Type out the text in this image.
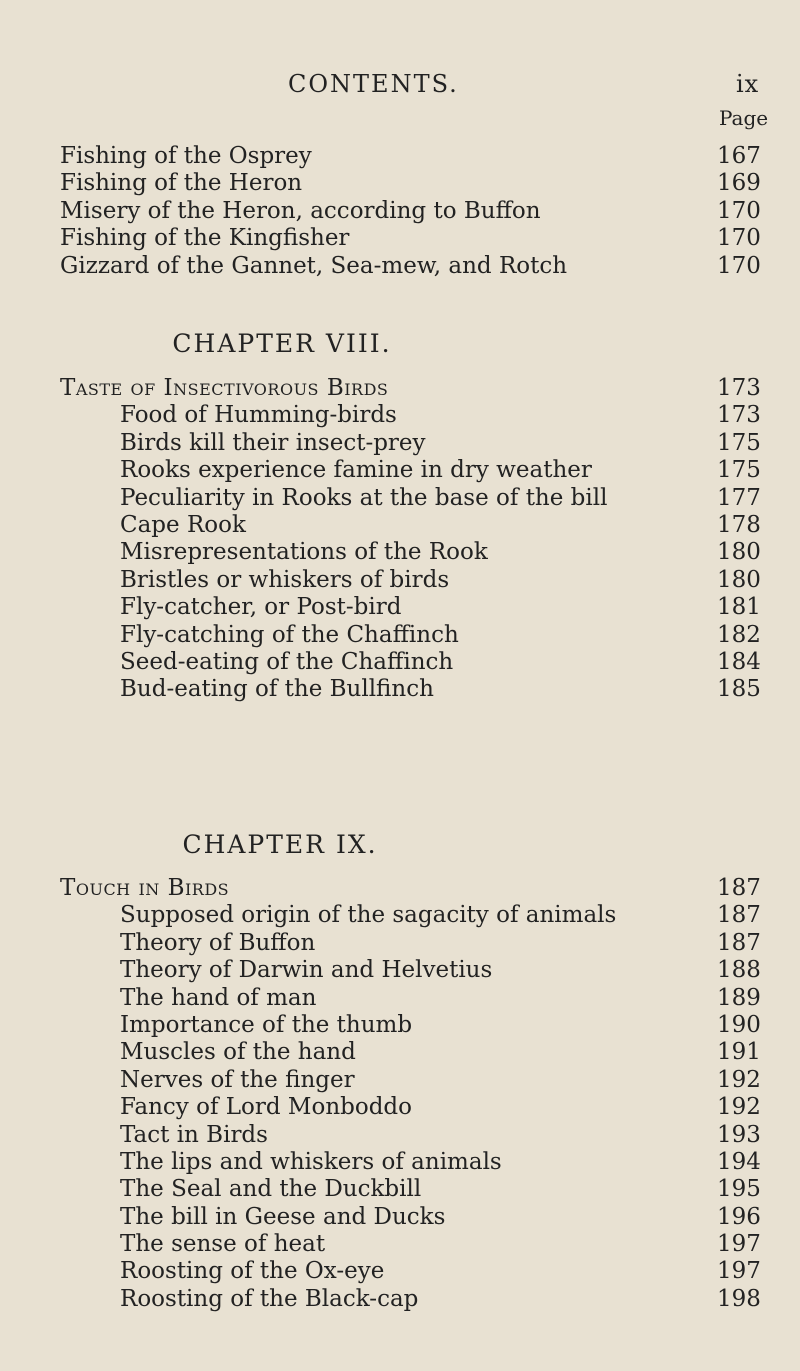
CONTENTS.	ix
Page
Fishing of the Osprey	167
Fishing of the Heron	169
Misery of the Heron, according to Buffon	170
Fishing of the Kingfisher	170
Gizzard of the Gannet, Sea-mew, and Rotch	170
CHAPTER VIII.
Taste of Insectivorous Birds	173
Food of Humming-birds	173
Birds kill their insect-prey	175
Rooks experience famine in dry weather	175
Peculiarity in Rooks at the base of the bill	177
Cape Rook	178
Misrepresentations of the Rook	180
Bristles or whiskers of birds	180
Fly-catcher, or Post-bird	181
Fly-catching of the Chaffinch	182
Seed-eating of the Chaffinch	184
Bud-eating of the Bullfinch	185
CHAPTER IX.
Touch in Birds	187
Supposed origin of the sagacity of animals	187
Theory of Buffon	187
Theory of Darwin and Helvetius	188
The hand of man	189
Importance of the thumb	190
Muscles of the hand	191
Nerves of the finger	192
Fancy of Lord Monboddo	192
Tact in Birds	193
The lips and whiskers of animals	194
The Seal and the Duckbill	195
The bill in Geese and Ducks	196
The sense of heat	197
Roosting of the Ox-eye	197
Roosting of the Black-cap	198
